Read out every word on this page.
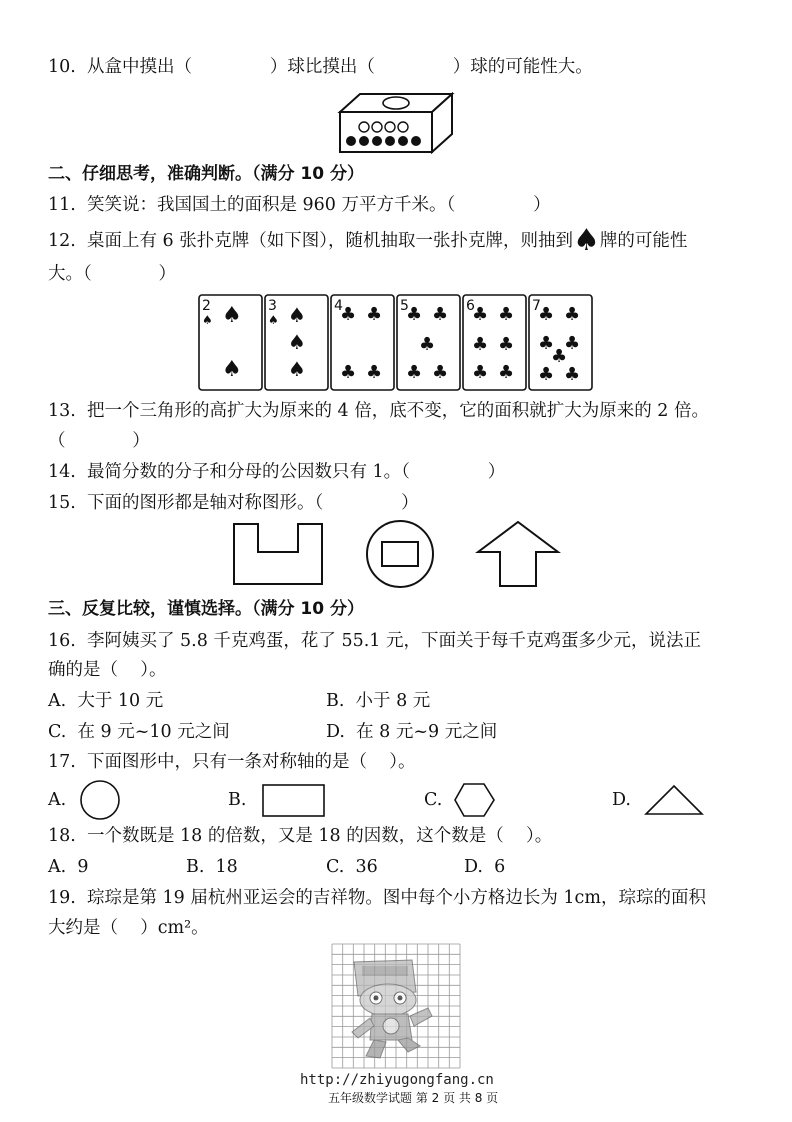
10.  从盒中摸出（              ）球比摸出（              ）球的可能性大。
二、仔细思考，准确判断。（满分 10 分）
11.  笑笑说：我国国土的面积是 960 万平方千米。（              ）
12.  桌面上有 6 张扑克牌（如下图），随机抽取一张扑克牌，则抽到♠牌的可能性
大。（            ）
2
♠ ♠
♠
3
♠ ♠
♠
♠
4
♣ ♣
♣ ♣
5
♣ ♣
♣
♣ ♣
6
♣ ♣
♣ ♣
♣ ♣
7
♣ ♣
♣ ♣
♣
♣ ♣
13.  把一个三角形的高扩大为原来的 4 倍，底不变，它的面积就扩大为原来的 2 倍。
（            ）
14.  最简分数的分子和分母的公因数只有 1。（              ）
15.  下面的图形都是轴对称图形。（              ）
三、反复比较，谨慎选择。（满分 10 分）
16.  李阿姨买了 5.8 千克鸡蛋，花了 55.1 元，下面关于每千克鸡蛋多少元，说法正
确的是（    ）。
A.  大于 10 元	B.  小于 8 元
C.  在 9 元~10 元之间	D.  在 8 元~9 元之间
17.  下面图形中，只有一条对称轴的是（    ）。
A.	B.	C.	D.
18.  一个数既是 18 的倍数，又是 18 的因数，这个数是（    ）。
A.  9	B.  18	C.  36	D.  6
19.  琮琮是第 19 届杭州亚运会的吉祥物。图中每个小方格边长为 1cm，琮琮的面积
大约是（    ）cm²。
http://zhiyugongfang.cn
五年级数学试题 第 2 页 共 8 页
